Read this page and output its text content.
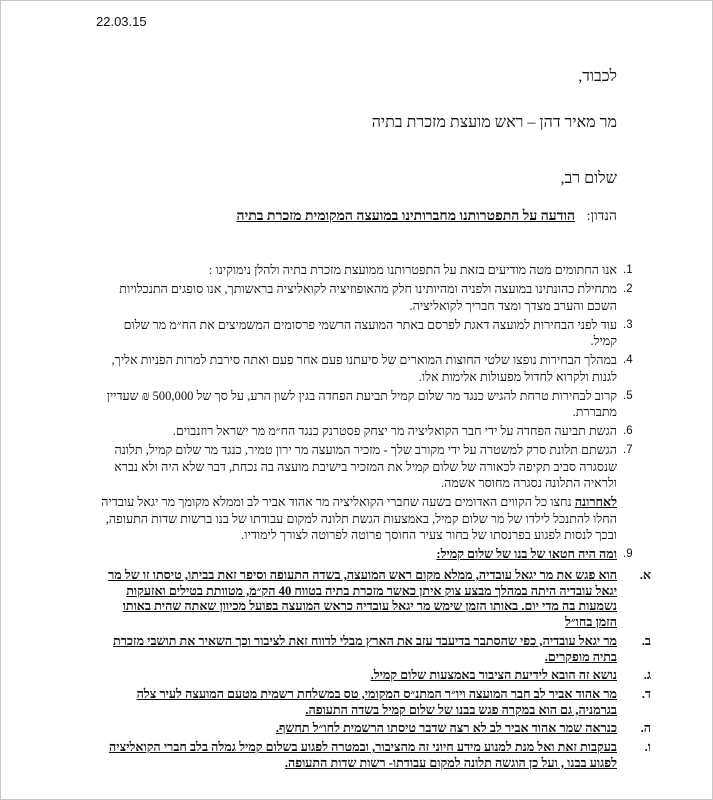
22.03.15
לכבוד,
מר מאיר דהן – ראש מועצת מזכרת בתיה
שלום רב,
הנדון: הודעה על התפטרותנו מחברותינו במועצה המקומית מזכרת בתיה
1.
אנו החתומים מטה מודיעים בזאת על התפטרותנו ממועצת מזכרת בתיה ולהלן נימוקינו :
2.
מתחילת כהונתינו במועצה ולפניה ומהיותינו חלק מהאופוזיציה לקואליציה בראשותך, אנו סופגים התנכלויות השכם והערב מצדך ומצד חבריך לקואליציה.
3.
עוד לפני הבחירות למועצה דאגת לפרסם באתר המועצה הרשמי פרסומים המשמיצים את הח״מ מר שלום קמיל.
4.
במהלך הבחירות נופצו שלטי החוצות המוארים של סיעתנו פעם אחר פעם ואתה סירבת למרות הפניות אליך, לגנות ולקרוא לחדול מפעולות אלימות אלו.
5.
קרוב לבחירות טרחת להגיש כנגד מר שלום קמיל תביעת הפחדה בגין לשון הרע, על סך של 500,000 ₪ שעדיין מתבררת.
6.
הגשת תביעה הפחדה על ידי חבר הקואליציה מר יצחק פסטרנק כנגד הח״מ מר ישראל רוזנבוים.
7.
הגשתם תלונת סרק למשטרה על ידי מקורב שלך - מזכיר המועצה מר ירון טמיר, כנגד מר שלום קמיל, תלונה שנסגרה סביב תקיפה לכאורה של שלום קמיל את המזכיר בישיבת מועצה בה נכחת, דבר שלא היה ולא נברא ולראיה התלונה נסגרה מחוסר אשמה.
לאחרונה נחצו כל הקווים האדומים בשעה שחברי הקואליציה מר אהוד אביר לב וממלא מקומך מר יגאל עובדיה החלו להתנכל לילדו של מר שלום קמיל, באמצעות הגשת תלונה למקום עבודתו של בנו ברשות שדות התעופה, ובכך לנסות לפגוע בפרנסתו של בחור צעיר החוסך פרוטה לפרוטה לצורך לימודיו.
9.
ומה היה חטאו של בנו של שלום קמיל:
א.
הוא פגש את מר יגאל עובדיה, ממלא מקום ראש המועצה, בשדה התעופה וסיפר זאת בביתו, טיסתו זו של מר יגאל עובדיה היתה במהלך מבצע צוק איתן כאשר מזכרת בתיה בטווח 40 הק״מ, מטוותת בטילים ואזעקות נשמעות בה מדי יום. באותו הזמן שימש מר יגאל עובדיה כראש המועצה בפועל מכיוון שאתה שהית באותו הזמן בחו״ל
ב.
מר יגאל עובדיה, כפי שהסתבר בדיעבד עזב את הארץ מבלי לדווח זאת לציבור וכך השאיר את תושבי מזכרת בתיה מופקרים.
ג.
נושא זה הובא לידיעת הציבור באמצעות שלום קמיל.
ד.
מר אהוד אביר לב חבר המועצה ויו״ר המתנ״ס המקומי, טס במשלחת רשמית מטעם המועצה לעיר צלה בגרמניה, גם הוא במקרה פגש בבנו של שלום קמיל בשדה התעופה.
ה.
כנראה שמר אהוד אביר לב לא רצה שדבר טיסתו הרשמית לחו״ל תחשף.
ו.
בעקבות זאת ואל מנת למנוע מידע חיוני זה מהציבור, ובמטרה לפגוע בשלום קמיל גמלה בלב חברי הקואליציה לפגוע בבנו , ועל כן הוגשה תלונה למקום עבודתו- רשות שדות התעופה.
